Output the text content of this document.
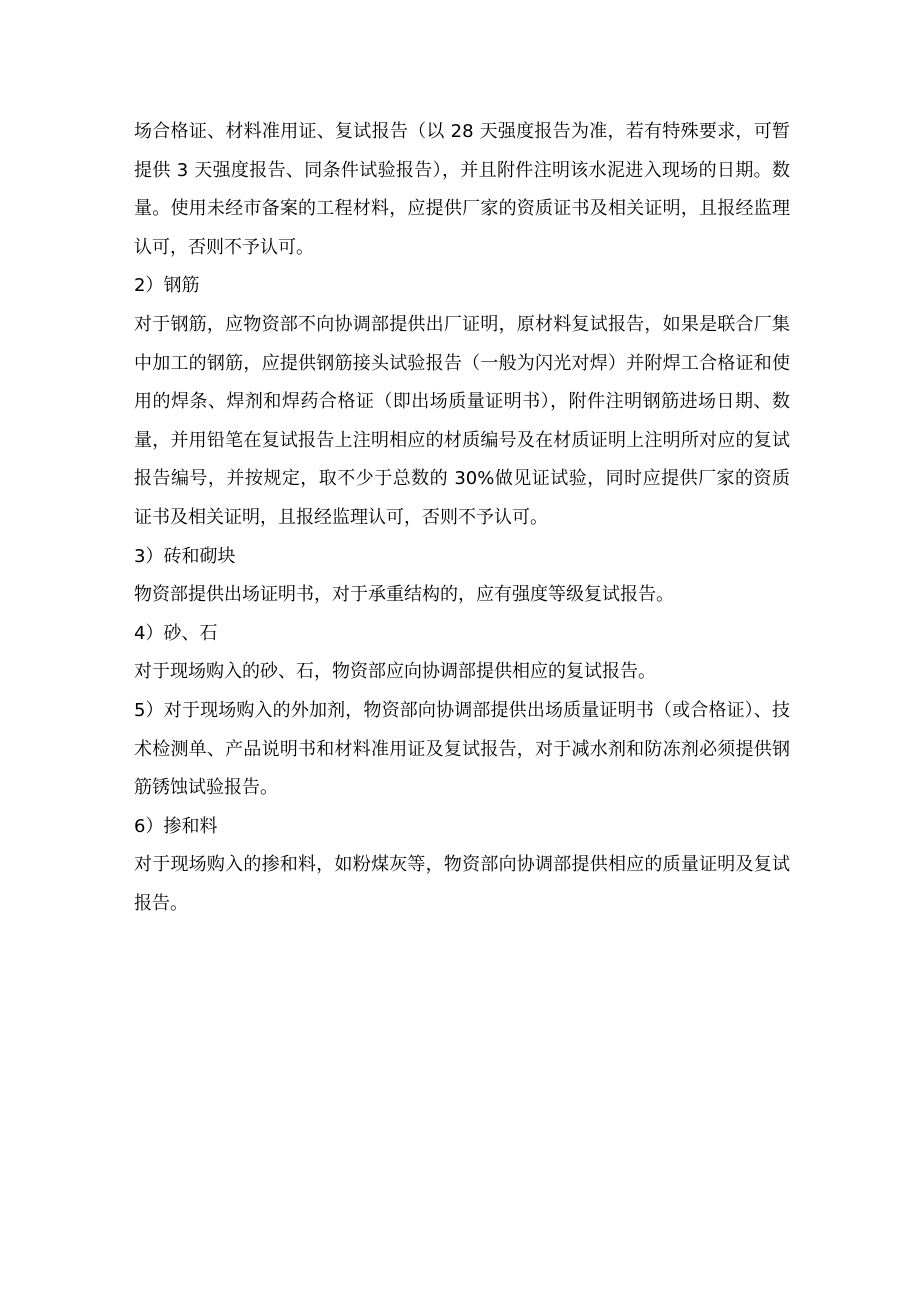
场合格证、材料准用证、复试报告（以 28 天强度报告为准，若有特殊要求，可暂提供 3 天强度报告、同条件试验报告），并且附件注明该水泥进入现场的日期。数量。使用未经市备案的工程材料，应提供厂家的资质证书及相关证明，且报经监理认可，否则不予认可。

2）钢筋

对于钢筋，应物资部不向协调部提供出厂证明，原材料复试报告，如果是联合厂集中加工的钢筋，应提供钢筋接头试验报告（一般为闪光对焊）并附焊工合格证和使用的焊条、焊剂和焊药合格证（即出场质量证明书），附件注明钢筋进场日期、数量，并用铅笔在复试报告上注明相应的材质编号及在材质证明上注明所对应的复试报告编号，并按规定，取不少于总数的 30%做见证试验，同时应提供厂家的资质证书及相关证明，且报经监理认可，否则不予认可。

3）砖和砌块

物资部提供出场证明书，对于承重结构的，应有强度等级复试报告。

4）砂、石

对于现场购入的砂、石，物资部应向协调部提供相应的复试报告。

5）对于现场购入的外加剂，物资部向协调部提供出场质量证明书（或合格证）、技术检测单、产品说明书和材料准用证及复试报告，对于减水剂和防冻剂必须提供钢筋锈蚀试验报告。

6）掺和料

对于现场购入的掺和料，如粉煤灰等，物资部向协调部提供相应的质量证明及复试报告。
